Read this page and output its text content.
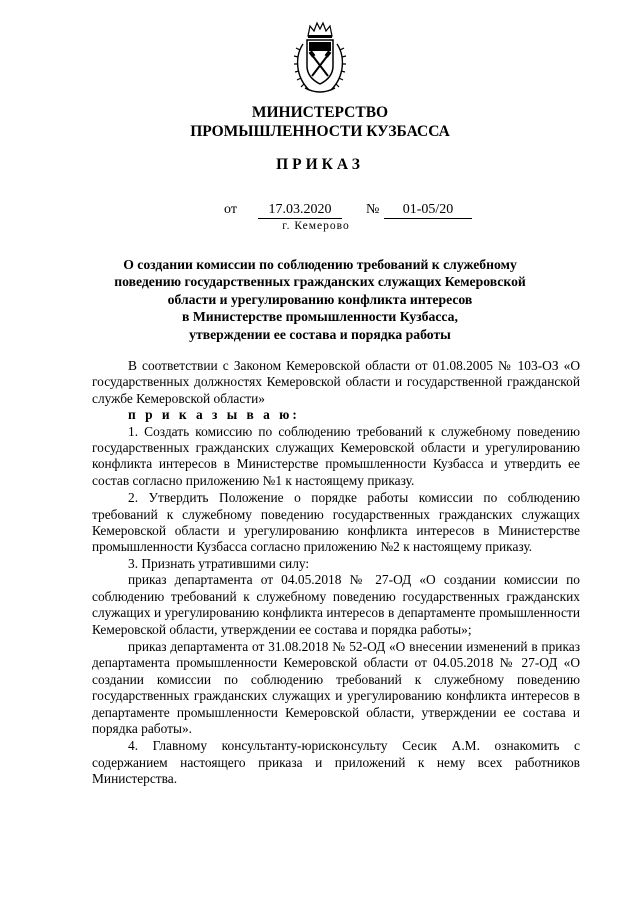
МИНИСТЕРСТВО
ПРОМЫШЛЕННОСТИ КУЗБАССА
ПРИКАЗ
от	17.03.2020	№	01-05/20
г. Кемерово
О создании комиссии по соблюдению требований к служебному
поведению государственных гражданских служащих Кемеровской
области и урегулированию конфликта интересов
в Министерстве промышленности Кузбасса,
утверждении ее состава и порядка работы

В соответствии с Законом Кемеровской области от 01.08.2005 № 103-ОЗ «О государственных должностях Кемеровской области и государственной гражданской службе Кемеровской области»

п р и к а з ы в а ю:

1. Создать комиссию по соблюдению требований к служебному поведению государственных гражданских служащих Кемеровской области и урегулированию конфликта интересов в Министерстве промышленности Кузбасса и утвердить ее состав согласно приложению №1 к настоящему приказу.

2. Утвердить Положение о порядке работы комиссии по соблюдению требований к служебному поведению государственных гражданских служащих Кемеровской области и урегулированию конфликта интересов в Министерстве промышленности Кузбасса согласно приложению №2 к настоящему приказу.

3. Признать утратившими силу:

приказ департамента от 04.05.2018 № 27-ОД «О создании комиссии по соблюдению требований к служебному поведению государственных гражданских служащих и урегулированию конфликта интересов в департаменте промышленности Кемеровской области, утверждении ее состава и порядка работы»;

приказ департамента от 31.08.2018 № 52-ОД «О внесении изменений в приказ департамента промышленности Кемеровской области от 04.05.2018 № 27-ОД «О создании комиссии по соблюдению требований к служебному поведению государственных гражданских служащих и урегулированию конфликта интересов в департаменте промышленности Кемеровской области, утверждении ее состава и порядка работы».

4. Главному консультанту-юрисконсульту Сесик А.М. ознакомить с содержанием настоящего приказа и приложений к нему всех работников Министерства.
